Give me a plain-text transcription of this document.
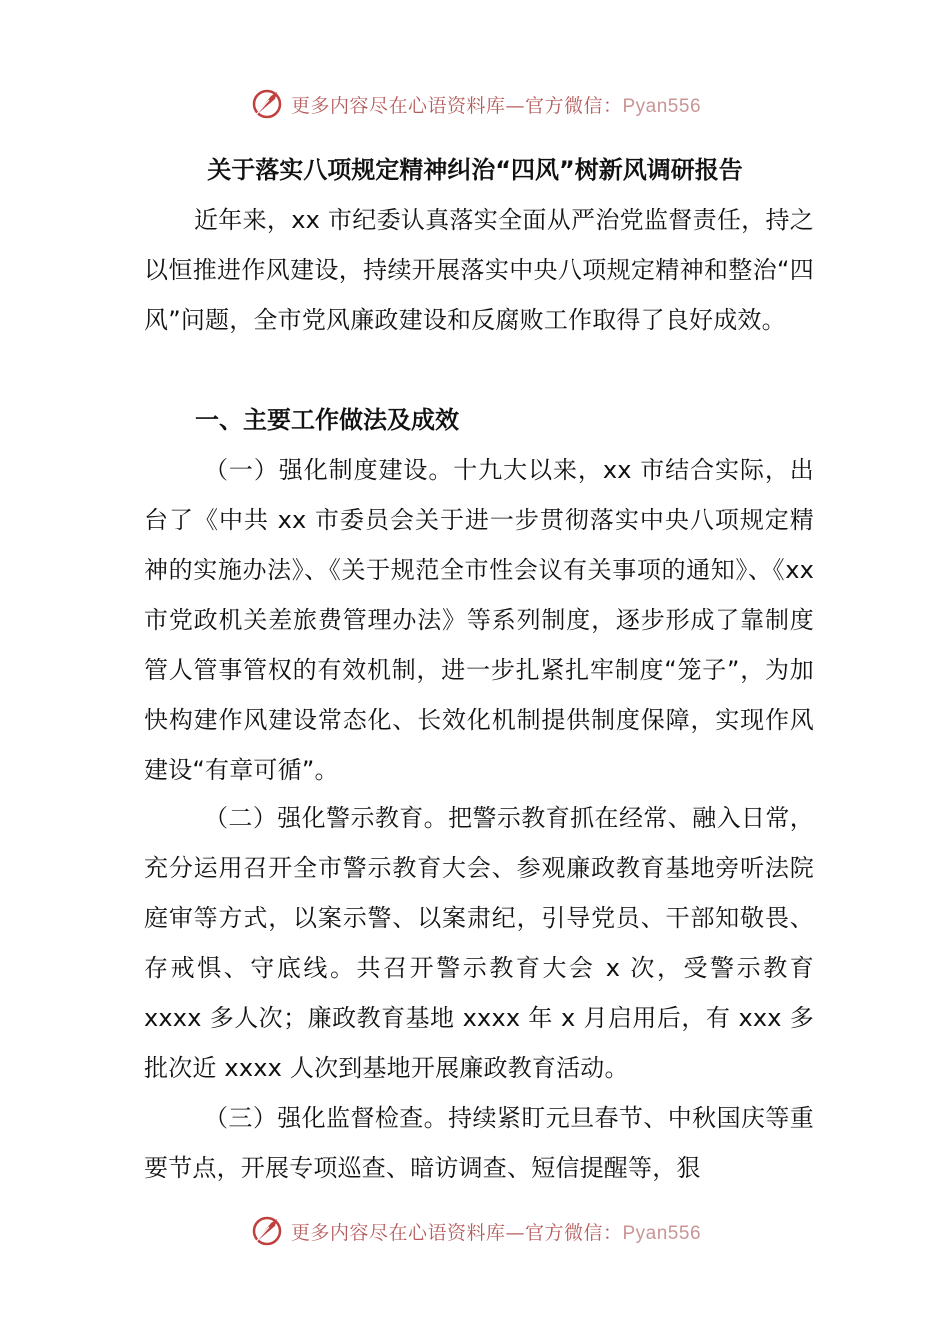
更多内容尽在心语资料库—官方微信：Pyan556
关于落实八项规定精神纠治“四风”树新风调研报告
近年来，xx 市纪委认真落实全面从严治党监督责任，持之以恒推进作风建设，持续开展落实中央八项规定精神和整治“四风”问题，全市党风廉政建设和反腐败工作取得了良好成效。
一、主要工作做法及成效
（一）强化制度建设。十九大以来，xx 市结合实际，出台了《中共 xx 市委员会关于进一步贯彻落实中央八项规定精神的实施办法》、《关于规范全市性会议有关事项的通知》、《xx 市党政机关差旅费管理办法》等系列制度，逐步形成了靠制度管人管事管权的有效机制，进一步扎紧扎牢制度“笼子”，为加快构建作风建设常态化、长效化机制提供制度保障，实现作风建设“有章可循”。
（二）强化警示教育。把警示教育抓在经常、融入日常，充分运用召开全市警示教育大会、参观廉政教育基地旁听法院庭审等方式，以案示警、以案肃纪，引导党员、干部知敬畏、存戒惧、守底线。共召开警示教育大会 x 次，受警示教育 xxxx 多人次；廉政教育基地 xxxx 年 x 月启用后，有 xxx 多批次近 xxxx 人次到基地开展廉政教育活动。
（三）强化监督检查。持续紧盯元旦春节、中秋国庆等重要节点，开展专项巡查、暗访调查、短信提醒等，狠
更多内容尽在心语资料库—官方微信：Pyan556
